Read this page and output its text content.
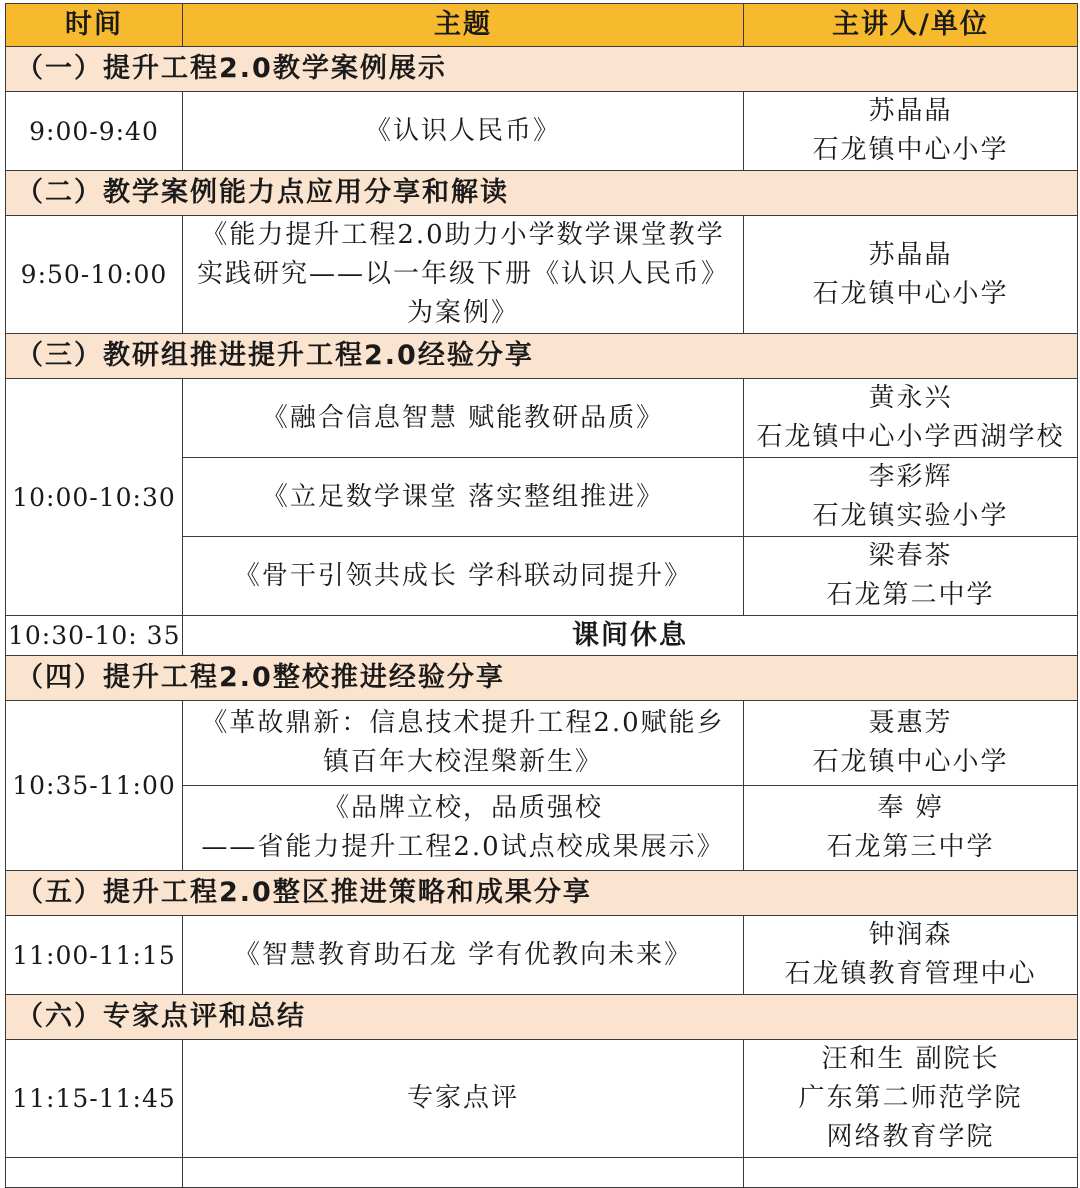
时间	主题	主讲人/单位
（一）提升工程2.0教学案例展示		
9:00-9:40	《认识人民币》	苏晶晶
石龙镇中心小学

（二）教学案例能力点应用分享和解读		
9:50-10:00	《能力提升工程2.0助力小学数学课堂教学
实践研究——以一年级下册《认识人民币》
为案例》	苏晶晶
石龙镇中心小学

（三）教研组推进提升工程2.0经验分享		
10:00-10:30	《融合信息智慧 赋能教研品质》	黄永兴
石龙镇中心小学西湖学校

	《立足数学课堂 落实整组推进》	李彩辉
石龙镇实验小学

	《骨干引领共成长 学科联动同提升》	梁春茶
石龙第二中学

10:30-10: 35	课间休息	
（四）提升工程2.0整校推进经验分享		
10:35-11:00	《革故鼎新：信息技术提升工程2.0赋能乡
镇百年大校涅槃新生》	聂惠芳
石龙镇中心小学

	《品牌立校，品质强校
——省能力提升工程2.0试点校成果展示》	奉 婷
石龙第三中学

（五）提升工程2.0整区推进策略和成果分享		
11:00-11:15	《智慧教育助石龙 学有优教向未来》	钟润森
石龙镇教育管理中心

（六）专家点评和总结		
11:15-11:45	专家点评	汪和生 副院长
广东第二师范学院
网络教育学院
